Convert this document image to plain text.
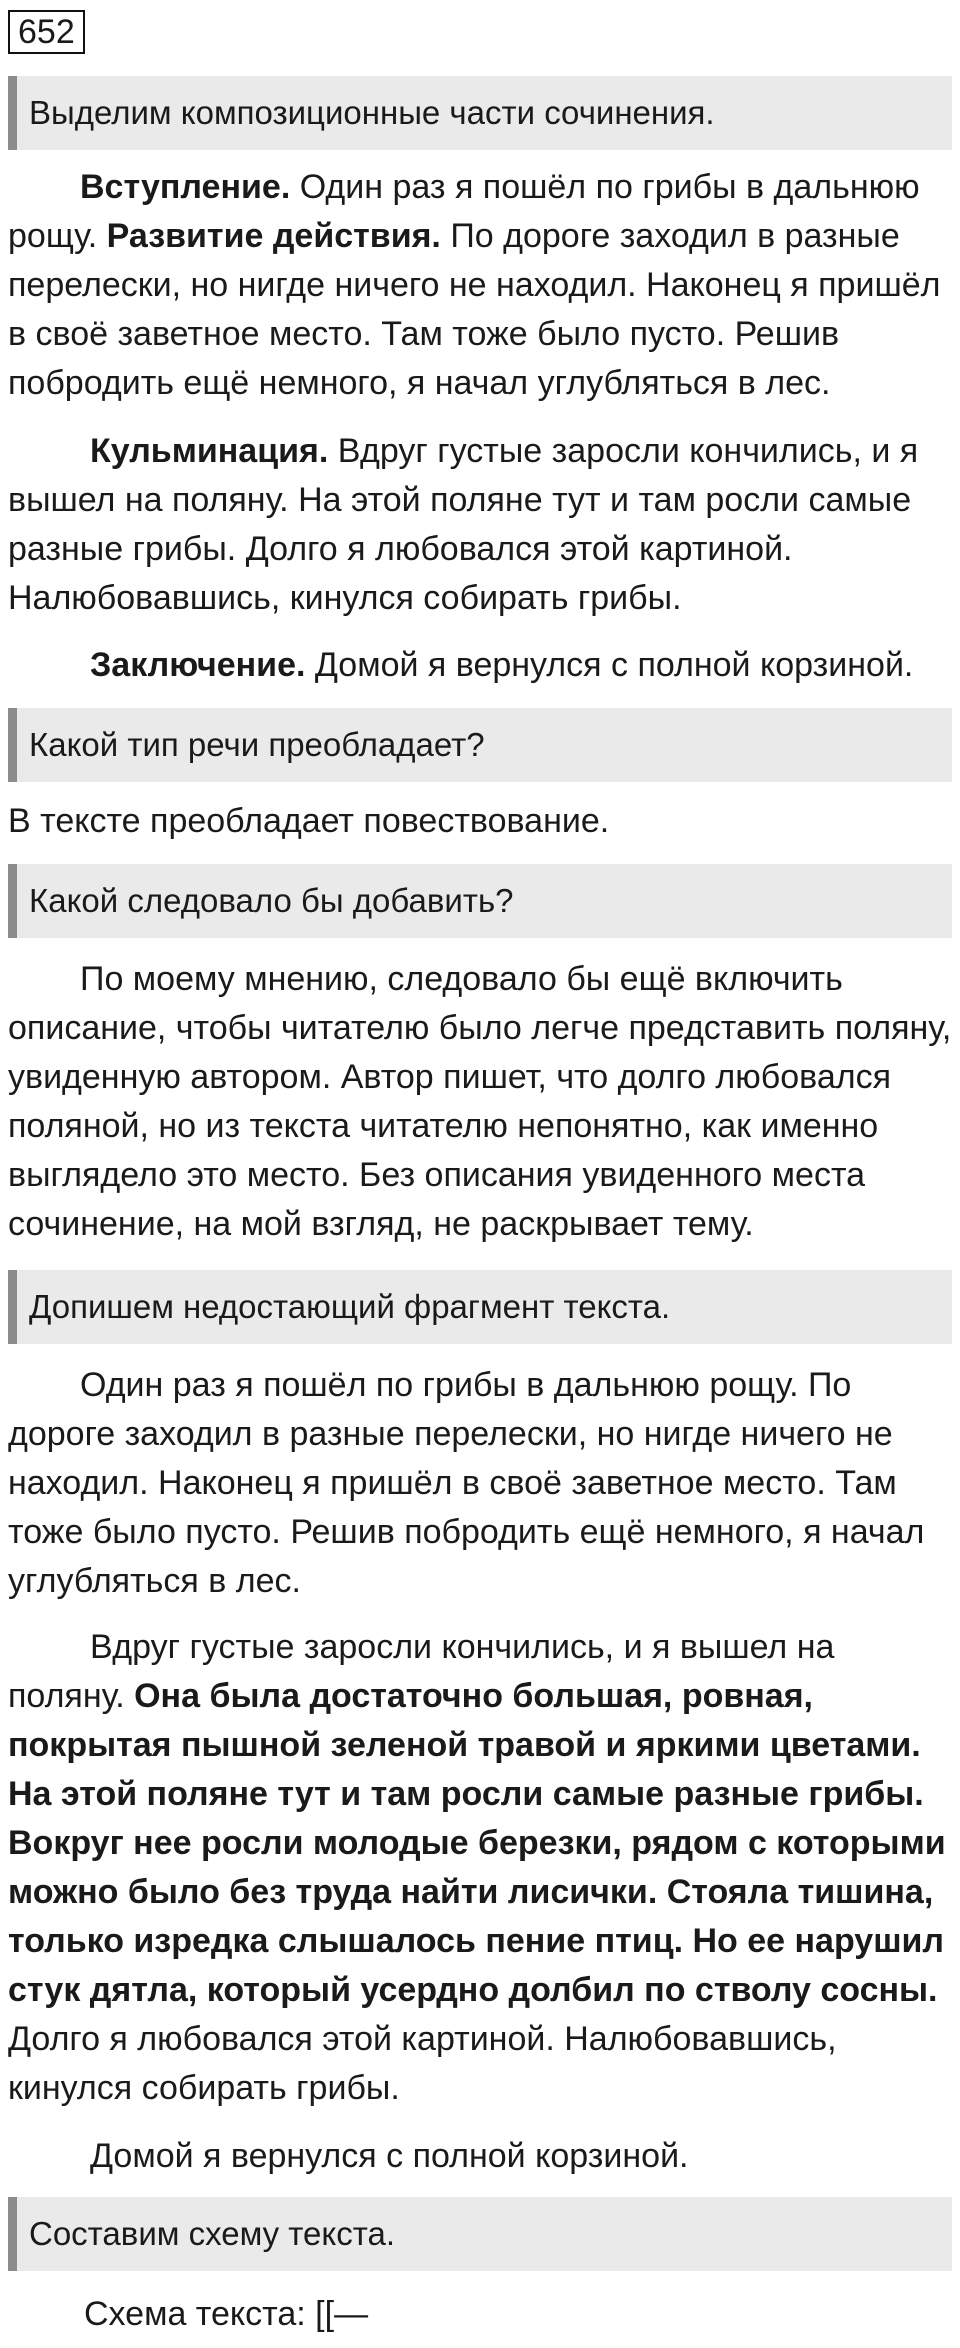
652
Выделим композиционные части сочинения.

Вступление. Один раз я пошёл по грибы в дальнюю рощу. Развитие действия. По дороге заходил в разные перелески, но нигде ничего не находил. Наконец я пришёл в своё заветное место. Там тоже было пусто. Решив побродить ещё немного, я начал углубляться в лес.

Кульминация. Вдруг густые заросли кончились, и я вышел на поляну. На этой поляне тут и там росли самые разные грибы. Долго я любовался этой картиной. Налюбовавшись, кинулся собирать грибы.

Заключение. Домой я вернулся с полной корзиной.

Какой тип речи преобладает?

В тексте преобладает повествование.

Какой следовало бы добавить?

По моему мнению, следовало бы ещё включить описание, чтобы читателю было легче представить поляну, увиденную автором. Автор пишет, что долго любовался поляной, но из текста читателю непонятно, как именно выглядело это место. Без описания увиденного места сочинение, на мой взгляд, не раскрывает тему.

Допишем недостающий фрагмент текста.

Один раз я пошёл по грибы в дальнюю рощу. По дороге заходил в разные перелески, но нигде ничего не находил. Наконец я пришёл в своё заветное место. Там тоже было пусто. Решив побродить ещё немного, я начал углубляться в лес.

Вдруг густые заросли кончились, и я вышел на поляну. Она была достаточно большая, ровная, покрытая пышной зеленой травой и яркими цветами. На этой поляне тут и там росли самые разные грибы. Вокруг нее росли молодые березки, рядом с которыми можно было без труда найти лисички. Стояла тишина, только изредка слышалось пение птиц. Но ее нарушил стук дятла, который усердно долбил по стволу сосны. Долго я любовался этой картиной. Налюбовавшись, кинулся собирать грибы.

Домой я вернулся с полной корзиной.

Составим схему текста.

Схема текста: [[—
